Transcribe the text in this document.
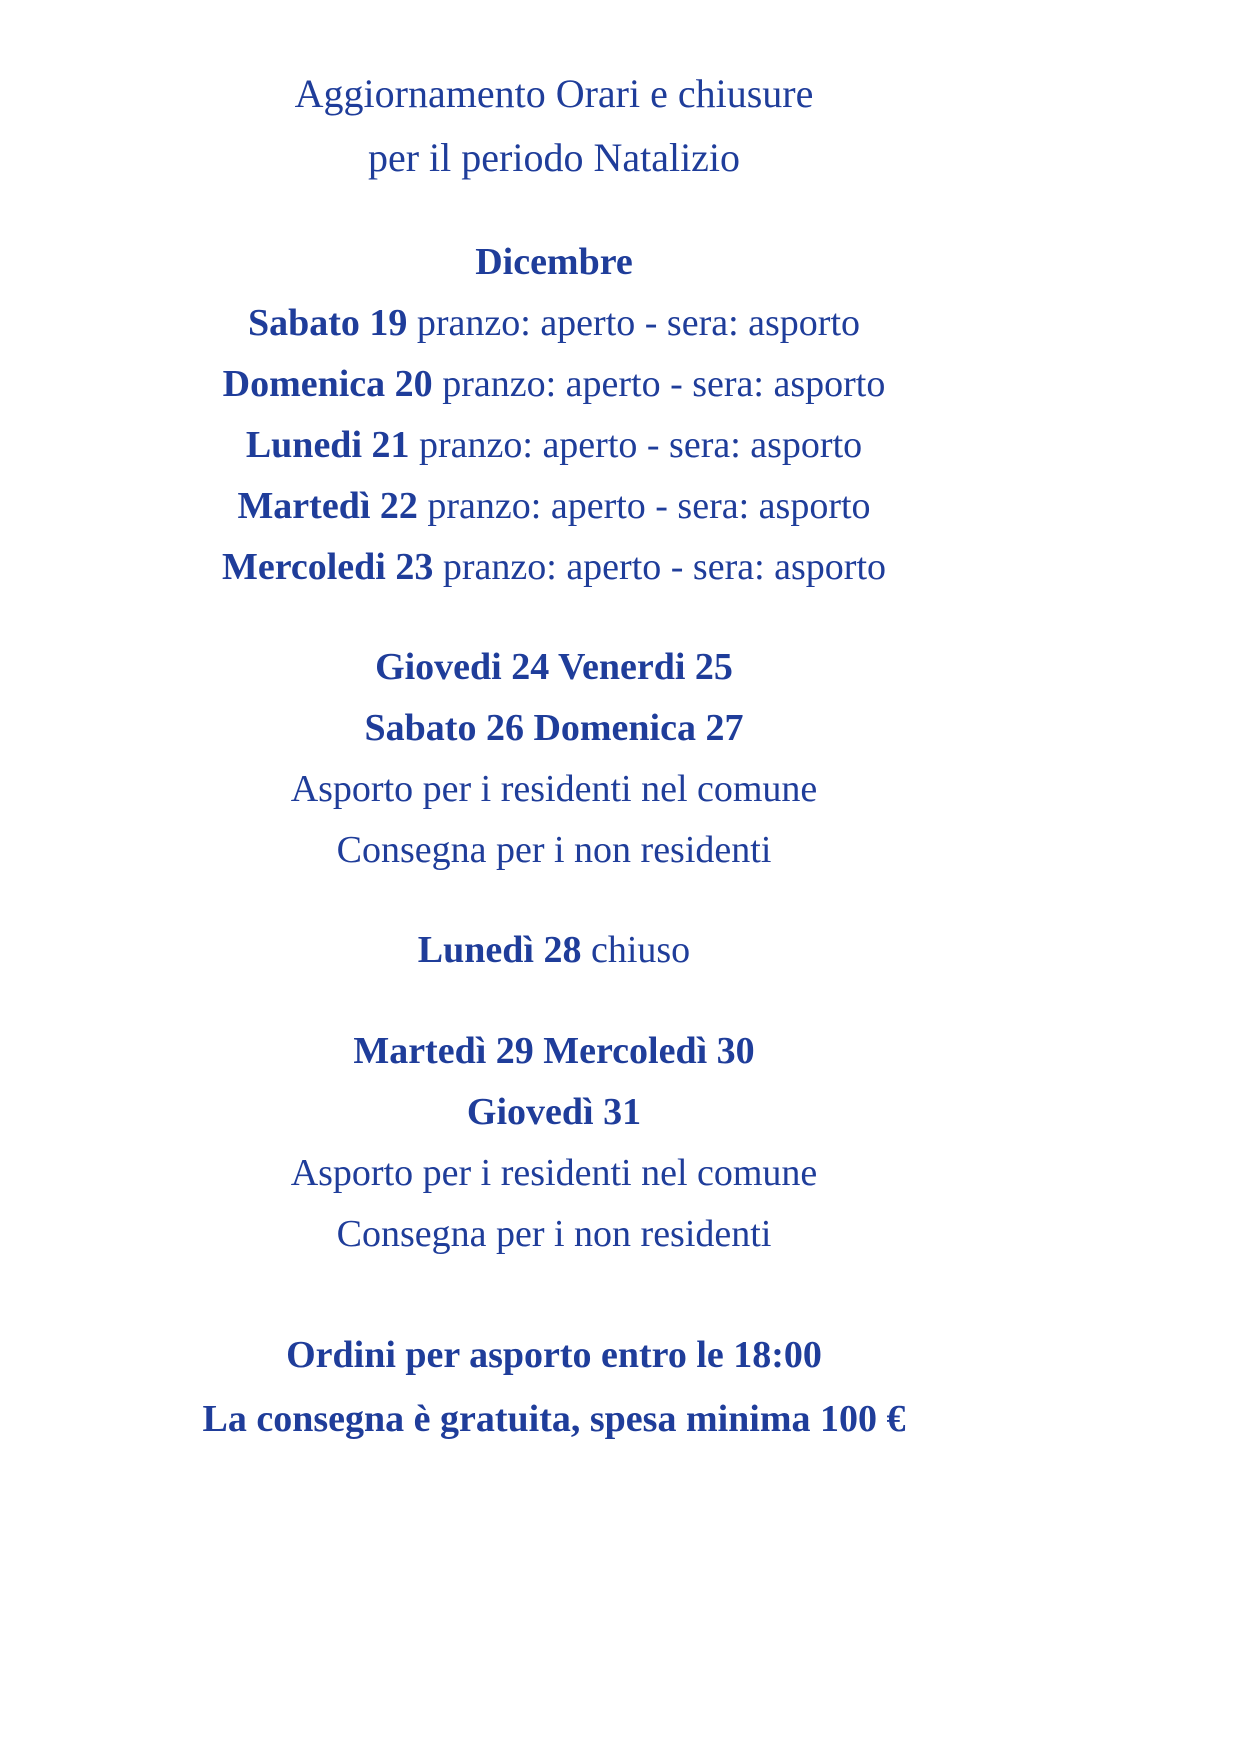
Aggiornamento Orari e chiusure
per il periodo Natalizio
Dicembre
Sabato 19 pranzo: aperto - sera: asporto
Domenica 20 pranzo: aperto - sera: asporto
Lunedi 21 pranzo: aperto - sera: asporto
Martedì 22 pranzo: aperto - sera: asporto
Mercoledi 23 pranzo: aperto - sera: asporto
Giovedi 24 Venerdi 25
Sabato 26 Domenica 27
Asporto per i residenti nel comune
Consegna per i non residenti
Lunedì 28 chiuso
Martedì 29 Mercoledì 30
Giovedì 31
Asporto per i residenti nel comune
Consegna per i non residenti
Ordini per asporto entro le 18:00
La consegna è gratuita, spesa minima 100 €
